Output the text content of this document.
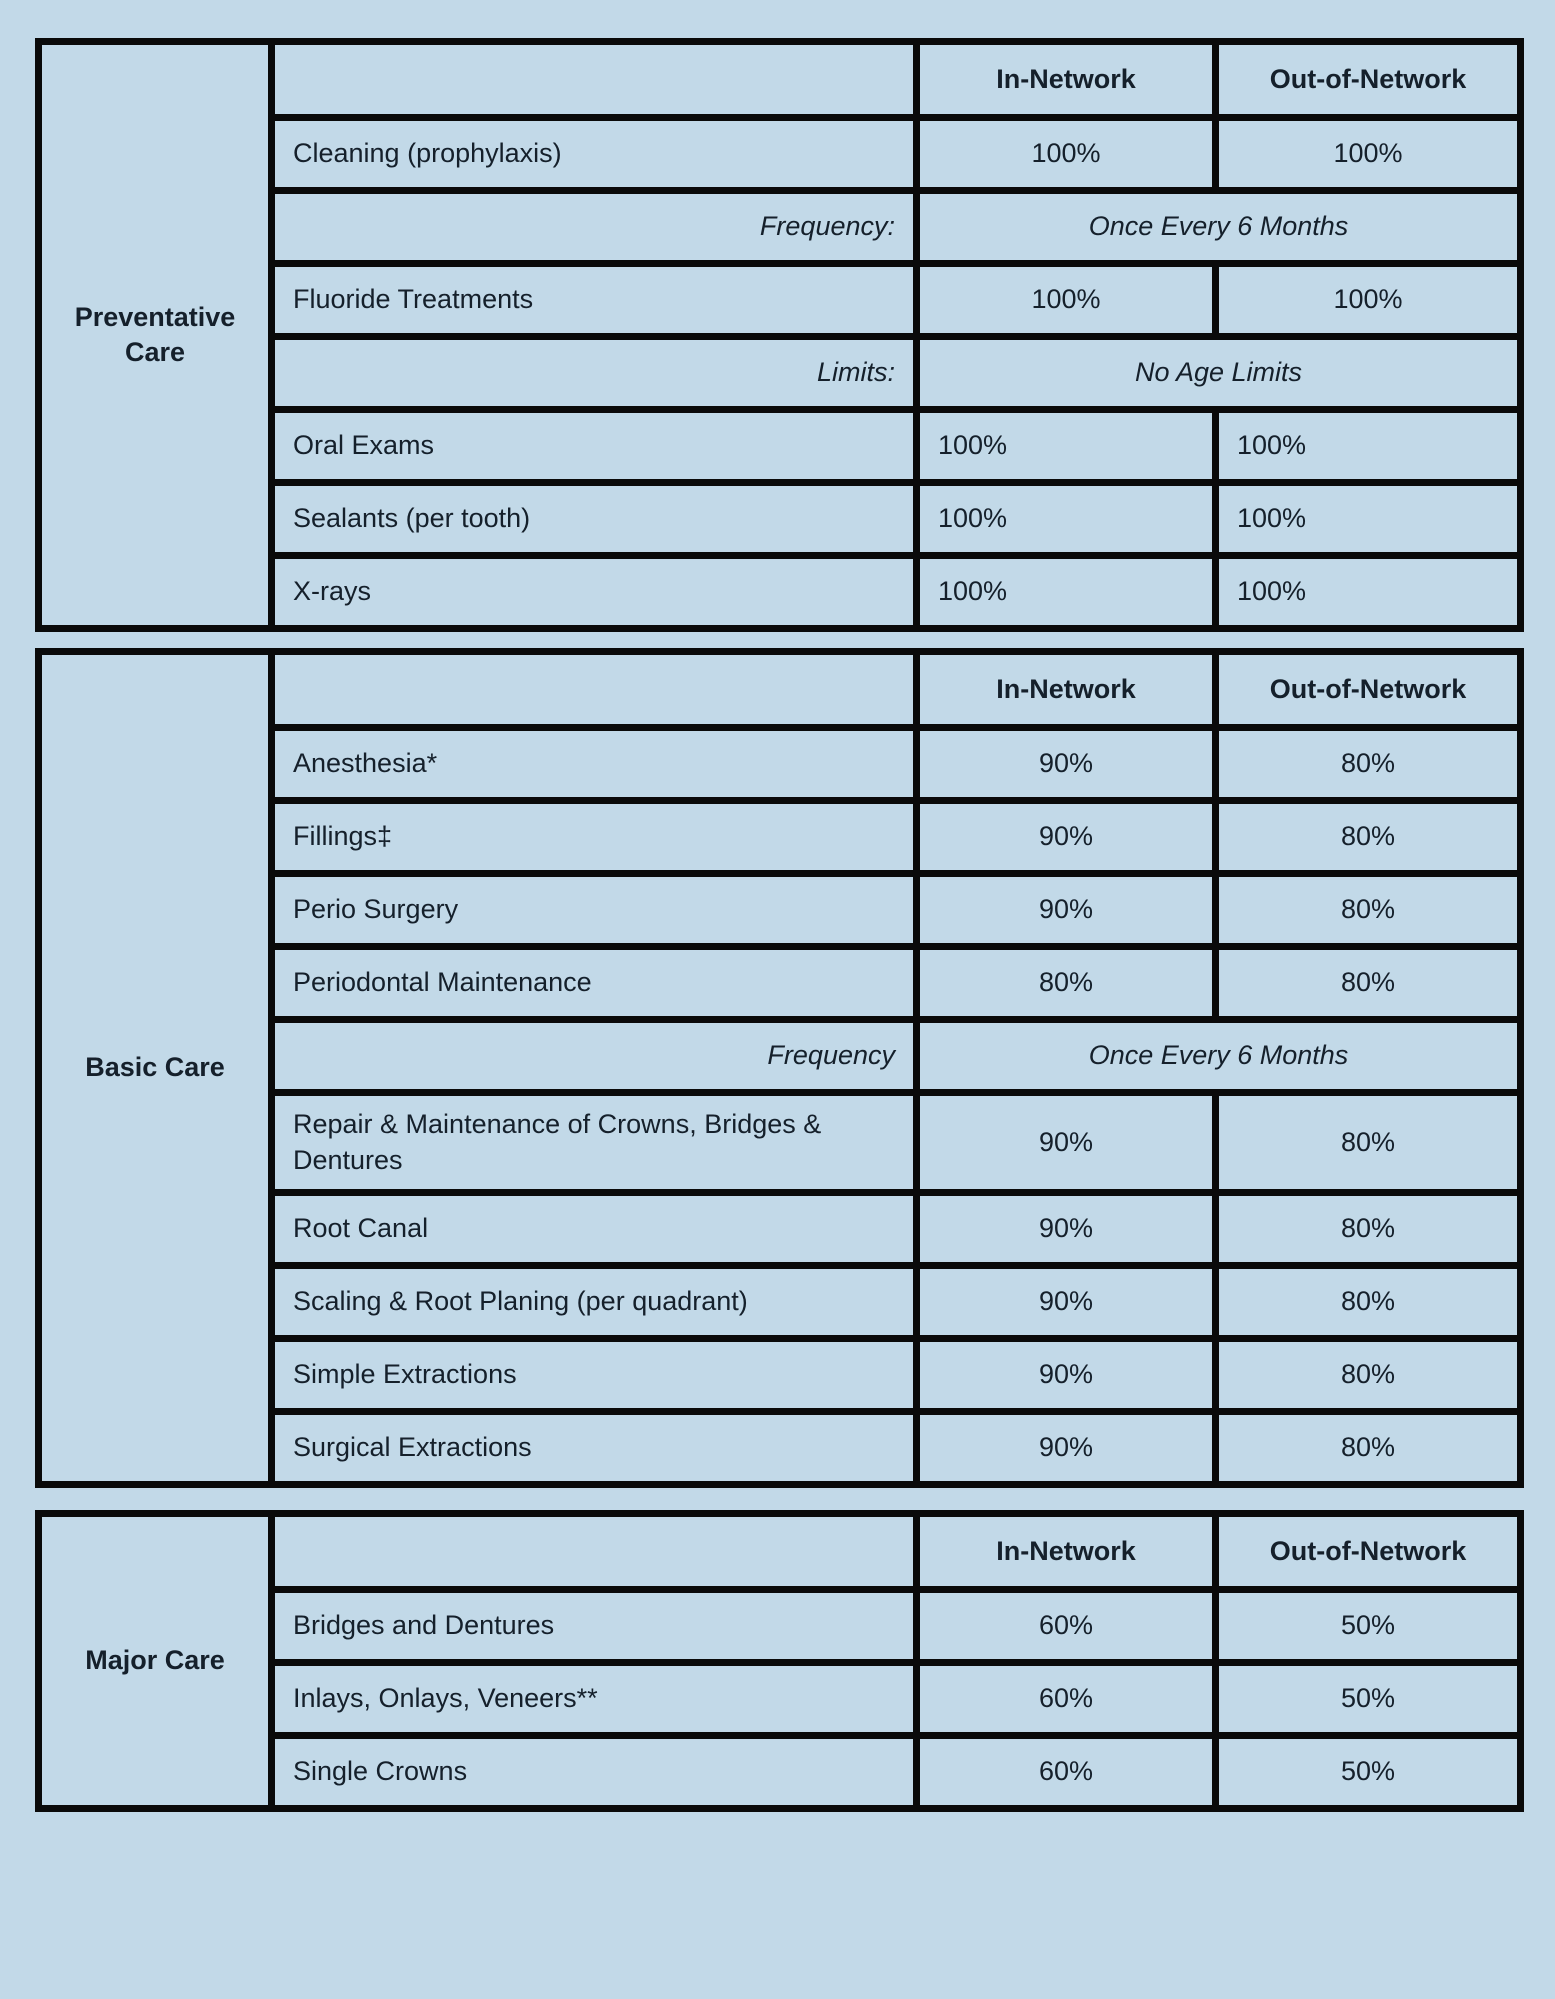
Preventative Care		In-Network	Out-of-Network
	Cleaning (prophylaxis)	100%	100%
	Frequency:	Once Every 6 Months	
	Fluoride Treatments	100%	100%
	Limits:	No Age Limits	
	Oral Exams	100%	100%
	Sealants (per tooth)	100%	100%
	X-rays	100%	100%
Basic Care		In-Network	Out-of-Network
	Anesthesia*	90%	80%
	Fillings‡	90%	80%
	Perio Surgery	90%	80%
	Periodontal Maintenance	80%	80%
	Frequency	Once Every 6 Months	
	Repair & Maintenance of Crowns, Bridges & Dentures	90%	80%
	Root Canal	90%	80%
	Scaling & Root Planing (per quadrant)	90%	80%
	Simple Extractions	90%	80%
	Surgical Extractions	90%	80%
Major Care		In-Network	Out-of-Network
	Bridges and Dentures	60%	50%
	Inlays, Onlays, Veneers**	60%	50%
	Single Crowns	60%	50%
